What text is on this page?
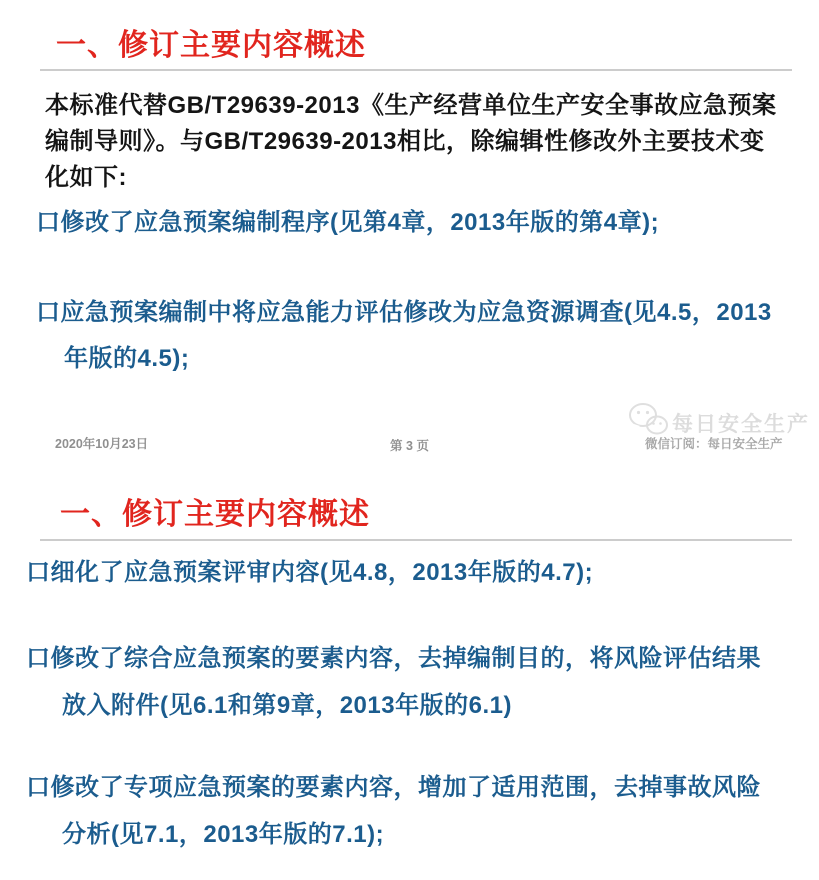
一、修订主要内容概述
本标准代替GB/T29639-2013《生产经营单位生产安全事故应急预案
编制导则》。与GB/T29639-2013相比，除编辑性修改外主要技术变
化如下:
口修改了应急预案编制程序(见第4章，2013年版的第4章);
口应急预案编制中将应急能力评估修改为应急资源调查(见4.5，2013
年版的4.5);
2020年10月23日	第 3 页
每日安全生产
微信订阅：每日安全生产
一、修订主要内容概述
口细化了应急预案评审内容(见4.8，2013年版的4.7);
口修改了综合应急预案的要素内容，去掉编制目的，将风险评估结果
放入附件(见6.1和第9章，2013年版的6.1)
口修改了专项应急预案的要素内容，增加了适用范围，去掉事故风险
分析(见7.1，2013年版的7.1);
